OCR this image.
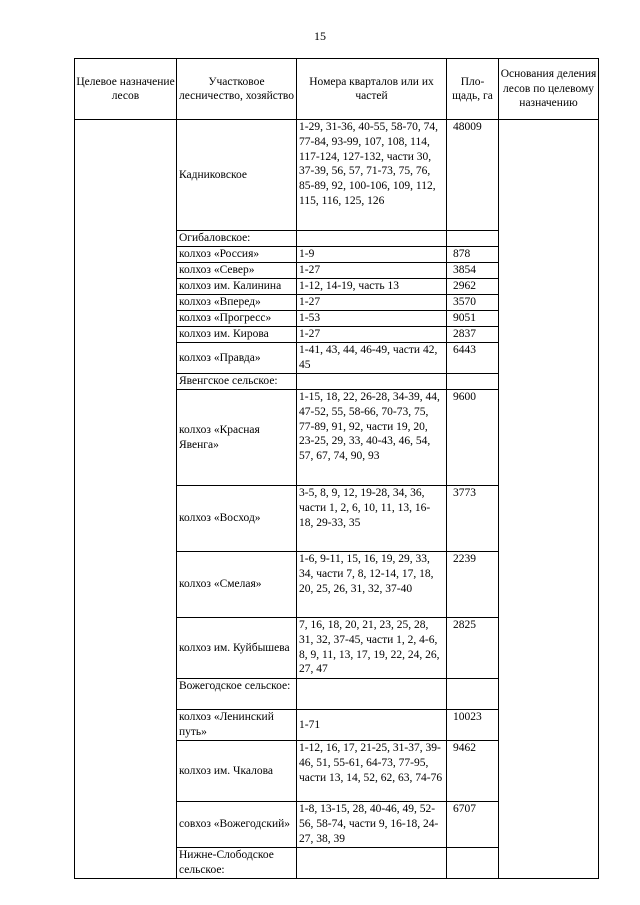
15
Целевое назначение лесов	Участковое лесничество, хозяйство	Номера кварталов или их частей	Пло-щадь, га	Основания деления лесов по целевому назначению
	Кадниковское	1-29, 31-36, 40-55, 58-70, 74, 77-84, 93-99, 107, 108, 114, 117-124, 127-132, части 30, 37-39, 56, 57, 71-73, 75, 76, 85-89, 92, 100-106, 109, 112, 115, 116, 125, 126	48009	
	Огибаловское:			
	колхоз «Россия»	1-9	878	
	колхоз «Север»	1-27	3854	
	колхоз им. Калинина	1-12, 14-19, часть 13	2962	
	колхоз «Вперед»	1-27	3570	
	колхоз «Прогресс»	1-53	9051	
	колхоз им. Кирова	1-27	2837	
	колхоз «Правда»	1-41, 43, 44, 46-49, части 42, 45	6443	
	Явенгское сельское:			
	колхоз «Красная Явенга»	1-15, 18, 22, 26-28, 34-39, 44, 47-52, 55, 58-66, 70-73, 75, 77-89, 91, 92, части 19, 20, 23-25, 29, 33, 40-43, 46, 54, 57, 67, 74, 90, 93	9600	
	колхоз «Восход»	3-5, 8, 9, 12, 19-28, 34, 36, части 1, 2, 6, 10, 11, 13, 16-18, 29-33, 35	3773	
	колхоз «Смелая»	1-6, 9-11, 15, 16, 19, 29, 33, 34, части 7, 8, 12-14, 17, 18, 20, 25, 26, 31, 32, 37-40	2239	
	колхоз им. Куйбышева	7, 16, 18, 20, 21, 23, 25, 28, 31, 32, 37-45, части 1, 2, 4-6, 8, 9, 11, 13, 17, 19, 22, 24, 26, 27, 47	2825	
	Вожегодское сельское:			
	колхоз «Ленинский путь»	1-71	10023	
	колхоз им. Чкалова	1-12, 16, 17, 21-25, 31-37, 39-46, 51, 55-61, 64-73, 77-95, части 13, 14, 52, 62, 63, 74-76	9462	
	совхоз «Вожегодский»	1-8, 13-15, 28, 40-46, 49, 52-56, 58-74, части 9, 16-18, 24-27, 38, 39	6707	
	Нижне-Слободское сельское:			
